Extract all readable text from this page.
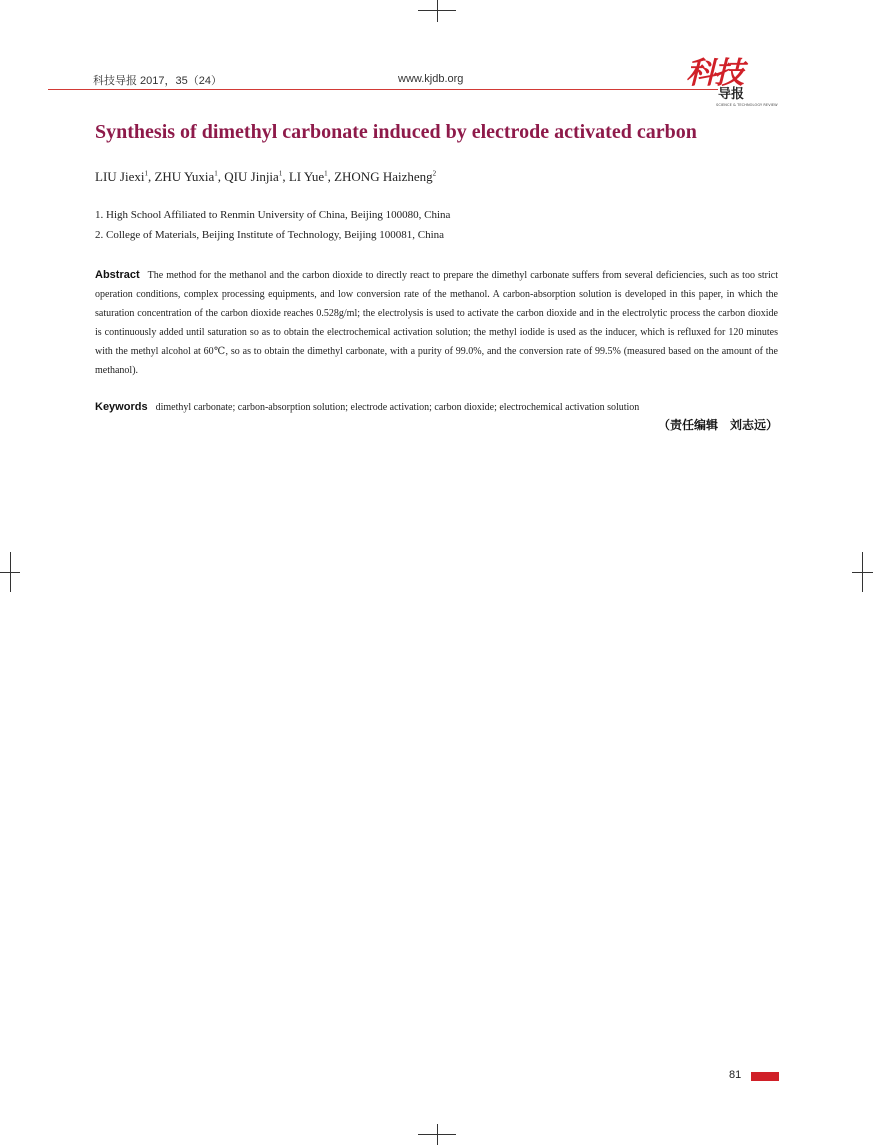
科技导报 2017，35（24）	www.kjdb.org	科技
导报
SCIENCE & TECHNOLOGY REVIEW
Synthesis of dimethyl carbonate induced by electrode activated carbon
LIU Jiexi$^1$, ZHU Yuxia$^1$, QIU Jinjia$^1$, LI Yue$^1$, ZHONG Haizheng$^2$
1. High School Affiliated to Renmin University of China, Beijing 100080, China
2. College of Materials, Beijing Institute of Technology, Beijing 100081, China
Abstract The method for the methanol and the carbon dioxide to directly react to prepare the dimethyl carbonate suffers from several deficiencies, such as too strict operation conditions, complex processing equipments, and low conversion rate of the methanol. A carbon-absorption solution is developed in this paper, in which the saturation concentration of the carbon dioxide reaches 0.528g/ml; the electrolysis is used to activate the carbon dioxide and in the electrolytic process the carbon dioxide is continuously added until saturation so as to obtain the electrochemical activation solution; the methyl iodide is used as the inducer, which is refluxed for 120 minutes with the methyl alcohol at 60℃, so as to obtain the dimethyl carbonate, with a purity of 99.0%, and the conversion rate of 99.5% (measured based on the amount of the methanol).
Keywords dimethyl carbonate; carbon-absorption solution; electrode activation; carbon dioxide; electrochemical activation solution
（责任编辑　刘志远）
81
